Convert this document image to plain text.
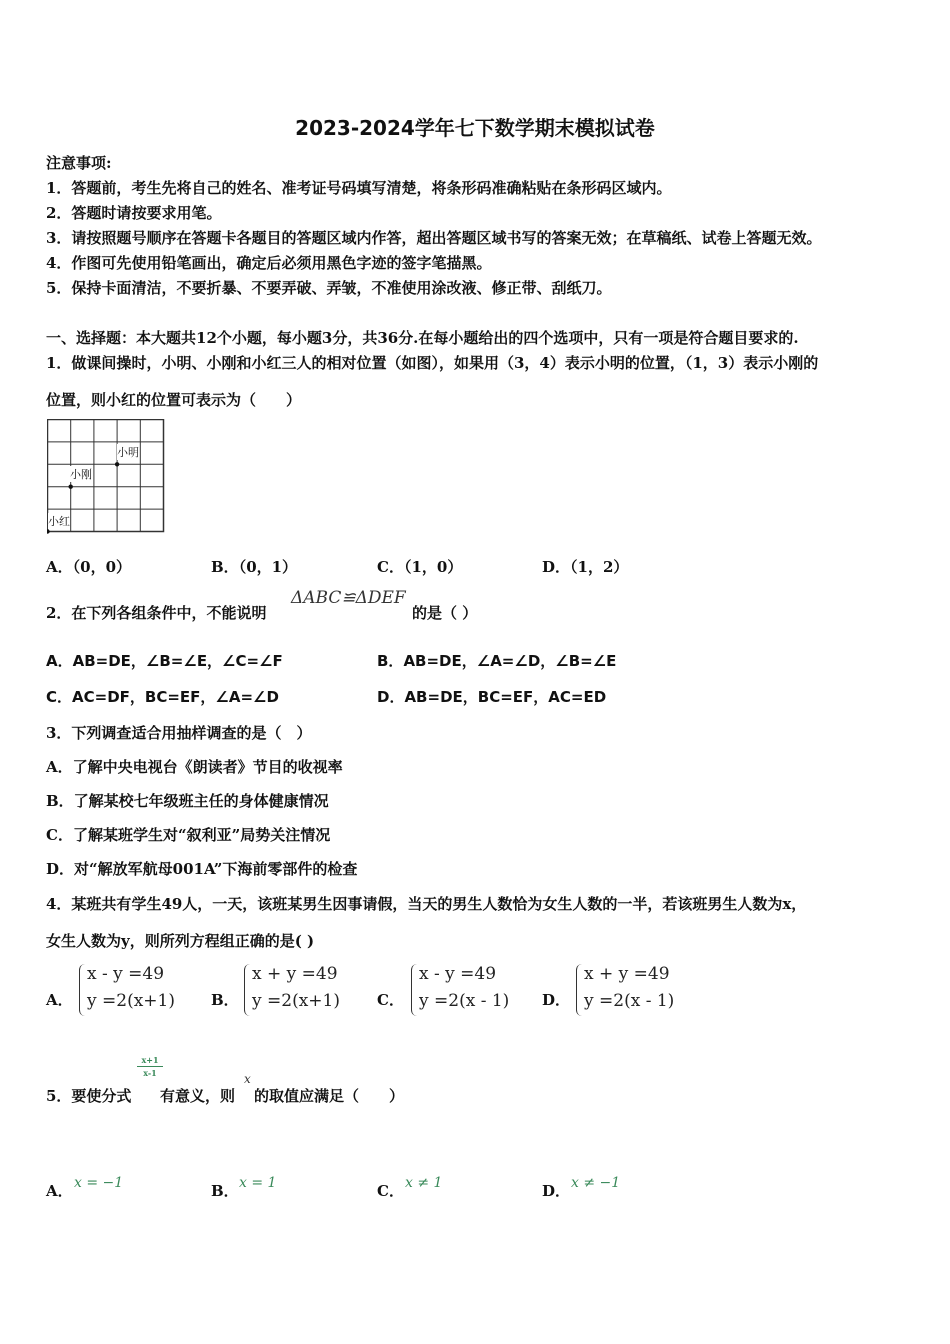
2023-2024学年七下数学期末模拟试卷
注意事项:
1．答题前，考生先将自己的姓名、准考证号码填写清楚，将条形码准确粘贴在条形码区域内。
2．答题时请按要求用笔。
3．请按照题号顺序在答题卡各题目的答题区域内作答，超出答题区域书写的答案无效；在草稿纸、试卷上答题无效。
4．作图可先使用铅笔画出，确定后必须用黑色字迹的签字笔描黑。
5．保持卡面清洁，不要折暴、不要弄破、弄皱，不准使用涂改液、修正带、刮纸刀。
一、选择题：本大题共12个小题，每小题3分，共36分.在每小题给出的四个选项中，只有一项是符合题目要求的.
1．做课间操时，小明、小刚和小红三人的相对位置（如图），如果用（3，4）表示小明的位置，（1，3）表示小刚的
位置，则小红的位置可表示为（　　）
小明
小刚
小红
A．（0，0）	B．（0，1）	C．（1，0）	D．（1，2）
2．在下列各组条件中，不能说明
ΔABC≌ΔDEF
的是（ ）
A．AB=DE，∠B=∠E，∠C=∠F	B．AB=DE，∠A=∠D，∠B=∠E
C．AC=DF，BC=EF，∠A=∠D	D．AB=DE，BC=EF，AC=ED
3．下列调查适合用抽样调查的是（　）
A．了解中央电视台《朗读者》节目的收视率
B．了解某校七年级班主任的身体健康情况
C．了解某班学生对“叙利亚”局势关注情况
D．对“解放军航母001A”下海前零部件的检查
4．某班共有学生49人，一天，该班某男生因事请假，当天的男生人数恰为女生人数的一半，若该班男生人数为x，
女生人数为y，则所列方程组正确的是( )
A．
x - y =49
y =2(x+1) B．
x + y =49
y =2(x+1) C．
x - y =49
y =2(x - 1) D．
x + y =49
y =2(x - 1)
5．要使分式
x+1
x-1
有意义，则
x
的取值应满足（　　）
A． x = −1	B． x = 1	C． x ≠ 1	D． x ≠ −1
